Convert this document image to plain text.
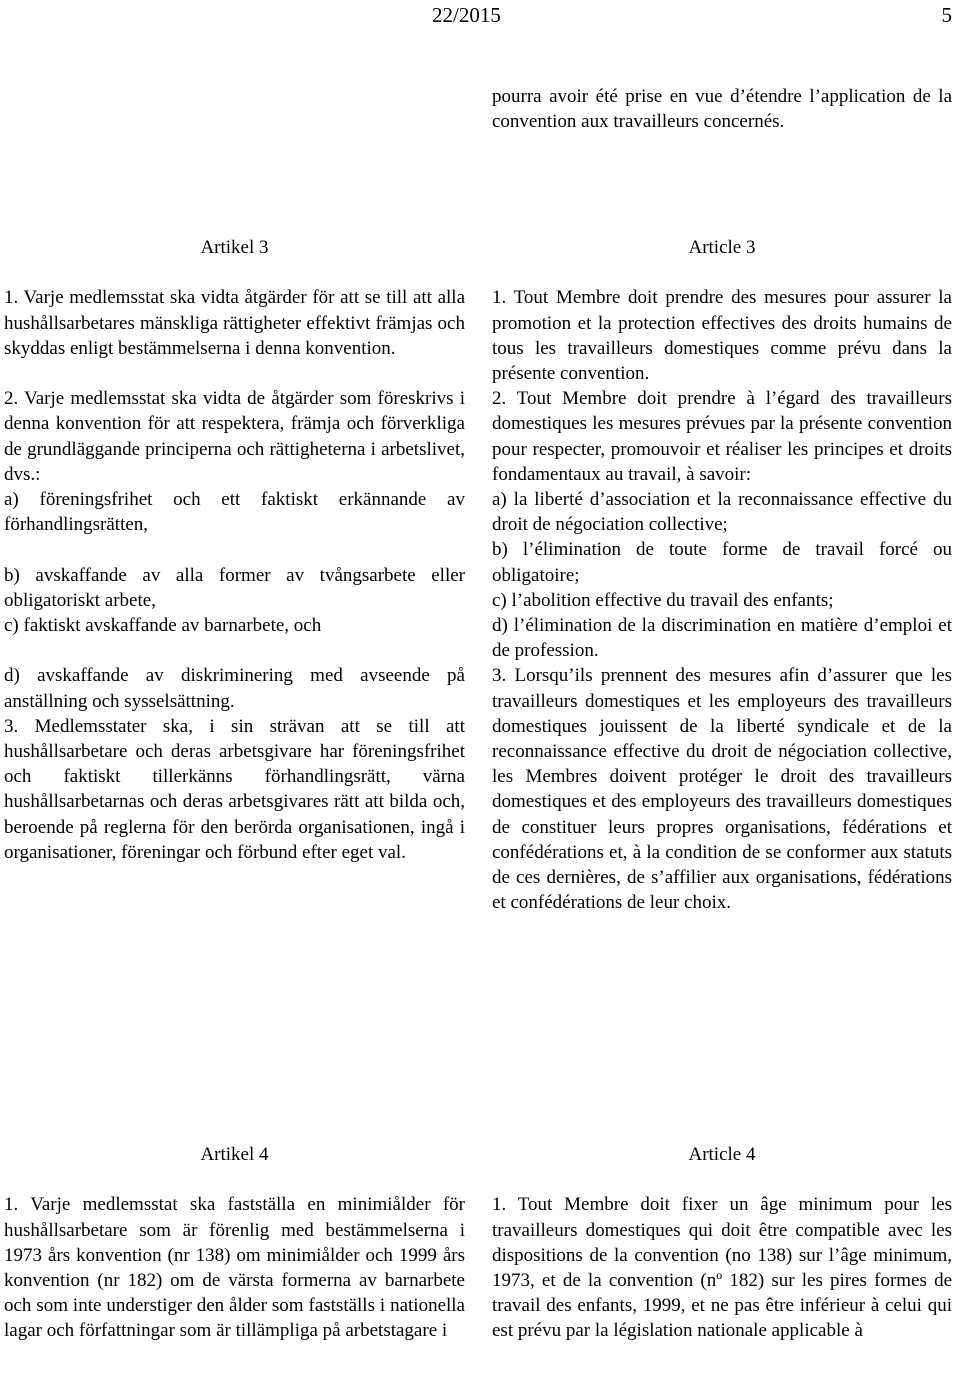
22/2015	5

pourra avoir été prise en vue d’étendre l’application de la convention aux travailleurs concernés.

Artikel 3

1. Varje medlemsstat ska vidta åtgärder för att se till att alla hushållsarbetares mänskliga rättigheter effektivt främjas och skyddas enligt bestämmelserna i denna konvention.

2. Varje medlemsstat ska vidta de åtgärder som föreskrivs i denna konvention för att respektera, främja och förverkliga de grundläggande principerna och rättigheterna i arbetslivet, dvs.:

a) föreningsfrihet och ett faktiskt erkännande av förhandlingsrätten,

b) avskaffande av alla former av tvångsarbete eller obligatoriskt arbete,

c) faktiskt avskaffande av barnarbete, och

d) avskaffande av diskriminering med avseende på anställning och sysselsättning.

3. Medlemsstater ska, i sin strävan att se till att hushållsarbetare och deras arbetsgivare har föreningsfrihet och faktiskt tillerkänns förhandlingsrätt, värna hushållsarbetarnas och deras arbetsgivares rätt att bilda och, beroende på reglerna för den berörda organisationen, ingå i organisationer, föreningar och förbund efter eget val.

Article 3

1. Tout Membre doit prendre des mesures pour assurer la promotion et la protection effectives des droits humains de tous les travailleurs domestiques comme prévu dans la présente convention.

2. Tout Membre doit prendre à l’égard des travailleurs domestiques les mesures prévues par la présente convention pour respecter, promouvoir et réaliser les principes et droits fondamentaux au travail, à savoir:

a) la liberté d’association et la reconnaissance effective du droit de négociation collective;

b) l’élimination de toute forme de travail forcé ou obligatoire;

c) l’abolition effective du travail des enfants;

d) l’élimination de la discrimination en matière d’emploi et de profession.

3. Lorsqu’ils prennent des mesures afin d’assurer que les travailleurs domestiques et les employeurs des travailleurs domestiques jouissent de la liberté syndicale et de la reconnaissance effective du droit de négociation collective, les Membres doivent protéger le droit des travailleurs domestiques et des employeurs des travailleurs domestiques de constituer leurs propres organisations, fédérations et confédérations et, à la condition de se conformer aux statuts de ces dernières, de s’affilier aux organisations, fédérations et confédérations de leur choix.

Artikel 4

1. Varje medlemsstat ska fastställa en minimiålder för hushållsarbetare som är förenlig med bestämmelserna i 1973 års konvention (nr 138) om minimiålder och 1999 års konvention (nr 182) om de värsta formerna av barnarbete och som inte understiger den ålder som fastställs i nationella lagar och författningar som är tillämpliga på arbetstagare i

Article 4

1. Tout Membre doit fixer un âge minimum pour les travailleurs domestiques qui doit être compatible avec les dispositions de la convention (no 138) sur l’âge minimum, 1973, et de la convention (nº 182) sur les pires formes de travail des enfants, 1999, et ne pas être inférieur à celui qui est prévu par la législation nationale applicable à
